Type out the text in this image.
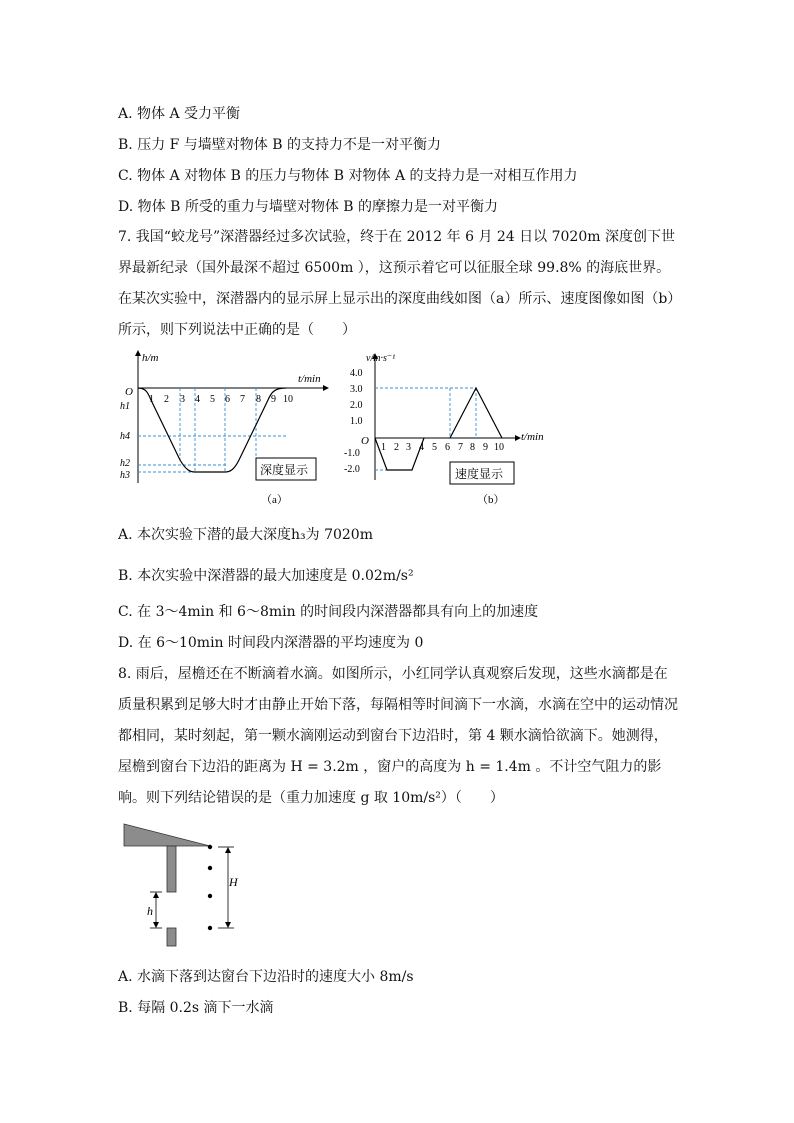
A. 物体 A 受力平衡
B. 压力 F 与墙壁对物体 B 的支持力不是一对平衡力
C. 物体 A 对物体 B 的压力与物体 B 对物体 A 的支持力是一对相互作用力
D. 物体 B 所受的重力与墙壁对物体 B 的摩擦力是一对平衡力
7. 我国“蛟龙号”深潜器经过多次试验，终于在 2012 年 6 月 24 日以 7020m 深度创下世界最新纪录（国外最深不超过 6500m ），这预示着它可以征服全球 99.8% 的海底世界。在某次实验中，深潜器内的显示屏上显示出的深度曲线如图（a）所示、速度图像如图（b）所示，则下列说法中正确的是（　　）
h/m
t/min
O
1 2 3 4 5 6 7 8 9 10
h1
h4
h2
h3	深度显示
（a）
v/m·s⁻¹
t/min
O
4.0
3.0
2.0
1.0
-1.0
-2.0
1 2 3 4 5 6 7 8 9 10
速度显示
（b）
A. 本次实验下潜的最大深度h₃为 7020m
B. 本次实验中深潜器的最大加速度是 0.02m/s²
C. 在 3～4min 和 6～8min 的时间段内深潜器都具有向上的加速度
D. 在 6～10min 时间段内深潜器的平均速度为 0
8. 雨后，屋檐还在不断滴着水滴。如图所示，小红同学认真观察后发现，这些水滴都是在质量积累到足够大时才由静止开始下落，每隔相等时间滴下一水滴，水滴在空中的运动情况都相同，某时刻起，第一颗水滴刚运动到窗台下边沿时，第 4 颗水滴恰欲滴下。她测得，屋檐到窗台下边沿的距离为 H = 3.2m ，窗户的高度为 h = 1.4m 。不计空气阻力的影响。则下列结论错误的是（重力加速度 g 取 10m/s²）（　　）
h
H
A. 水滴下落到达窗台下边沿时的速度大小 8m/s
B. 每隔 0.2s 滴下一水滴
